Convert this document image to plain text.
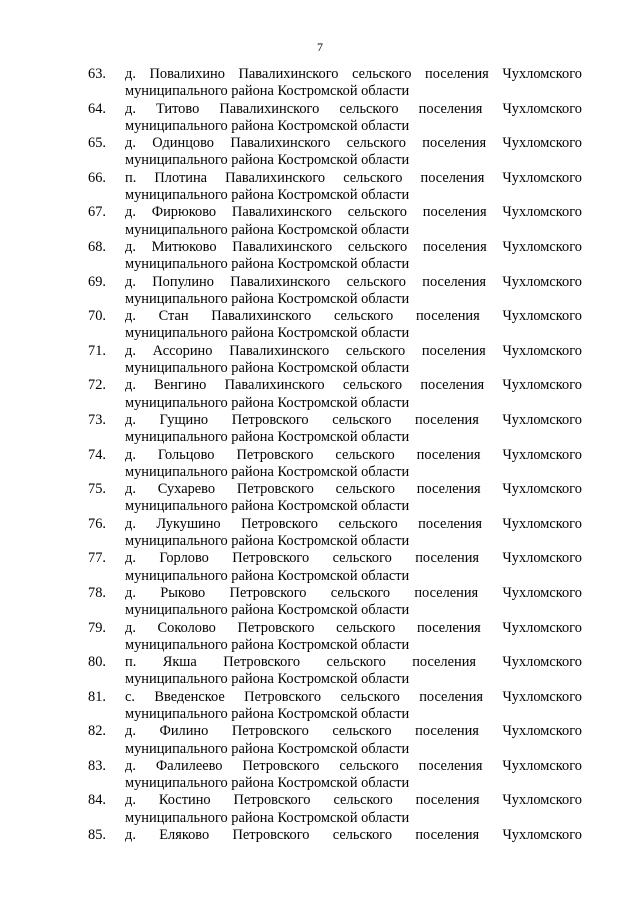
7
63.	д. Повалихино Павалихинского сельского поселения Чухломского
муниципального района Костромской области
64.	д. Титово Павалихинского сельского поселения Чухломского
муниципального района Костромской области
65.	д. Одинцово Павалихинского сельского поселения Чухломского
муниципального района Костромской области
66.	п. Плотина Павалихинского сельского поселения Чухломского
муниципального района Костромской области
67.	д. Фирюково Павалихинского сельского поселения Чухломского
муниципального района Костромской области
68.	д. Митюково Павалихинского сельского поселения Чухломского
муниципального района Костромской области
69.	д. Популино Павалихинского сельского поселения Чухломского
муниципального района Костромской области
70.	д. Стан Павалихинского сельского поселения Чухломского
муниципального района Костромской области
71.	д. Ассорино Павалихинского сельского поселения Чухломского
муниципального района Костромской области
72.	д. Венгино Павалихинского сельского поселения Чухломского
муниципального района Костромской области
73.	д. Гущино Петровского сельского поселения Чухломского
муниципального района Костромской области
74.	д. Гольцово Петровского сельского поселения Чухломского
муниципального района Костромской области
75.	д. Сухарево Петровского сельского поселения Чухломского
муниципального района Костромской области
76.	д. Лукушино Петровского сельского поселения Чухломского
муниципального района Костромской области
77.	д. Горлово Петровского сельского поселения Чухломского
муниципального района Костромской области
78.	д. Рыково Петровского сельского поселения Чухломского
муниципального района Костромской области
79.	д. Соколово Петровского сельского поселения Чухломского
муниципального района Костромской области
80.	п. Якша Петровского сельского поселения Чухломского
муниципального района Костромской области
81.	с. Введенское Петровского сельского поселения Чухломского
муниципального района Костромской области
82.	д. Филино Петровского сельского поселения Чухломского
муниципального района Костромской области
83.	д. Фалилеево Петровского сельского поселения Чухломского
муниципального района Костромской области
84.	д. Костино Петровского сельского поселения Чухломского
муниципального района Костромской области
85.	д. Еляково Петровского сельского поселения Чухломского
